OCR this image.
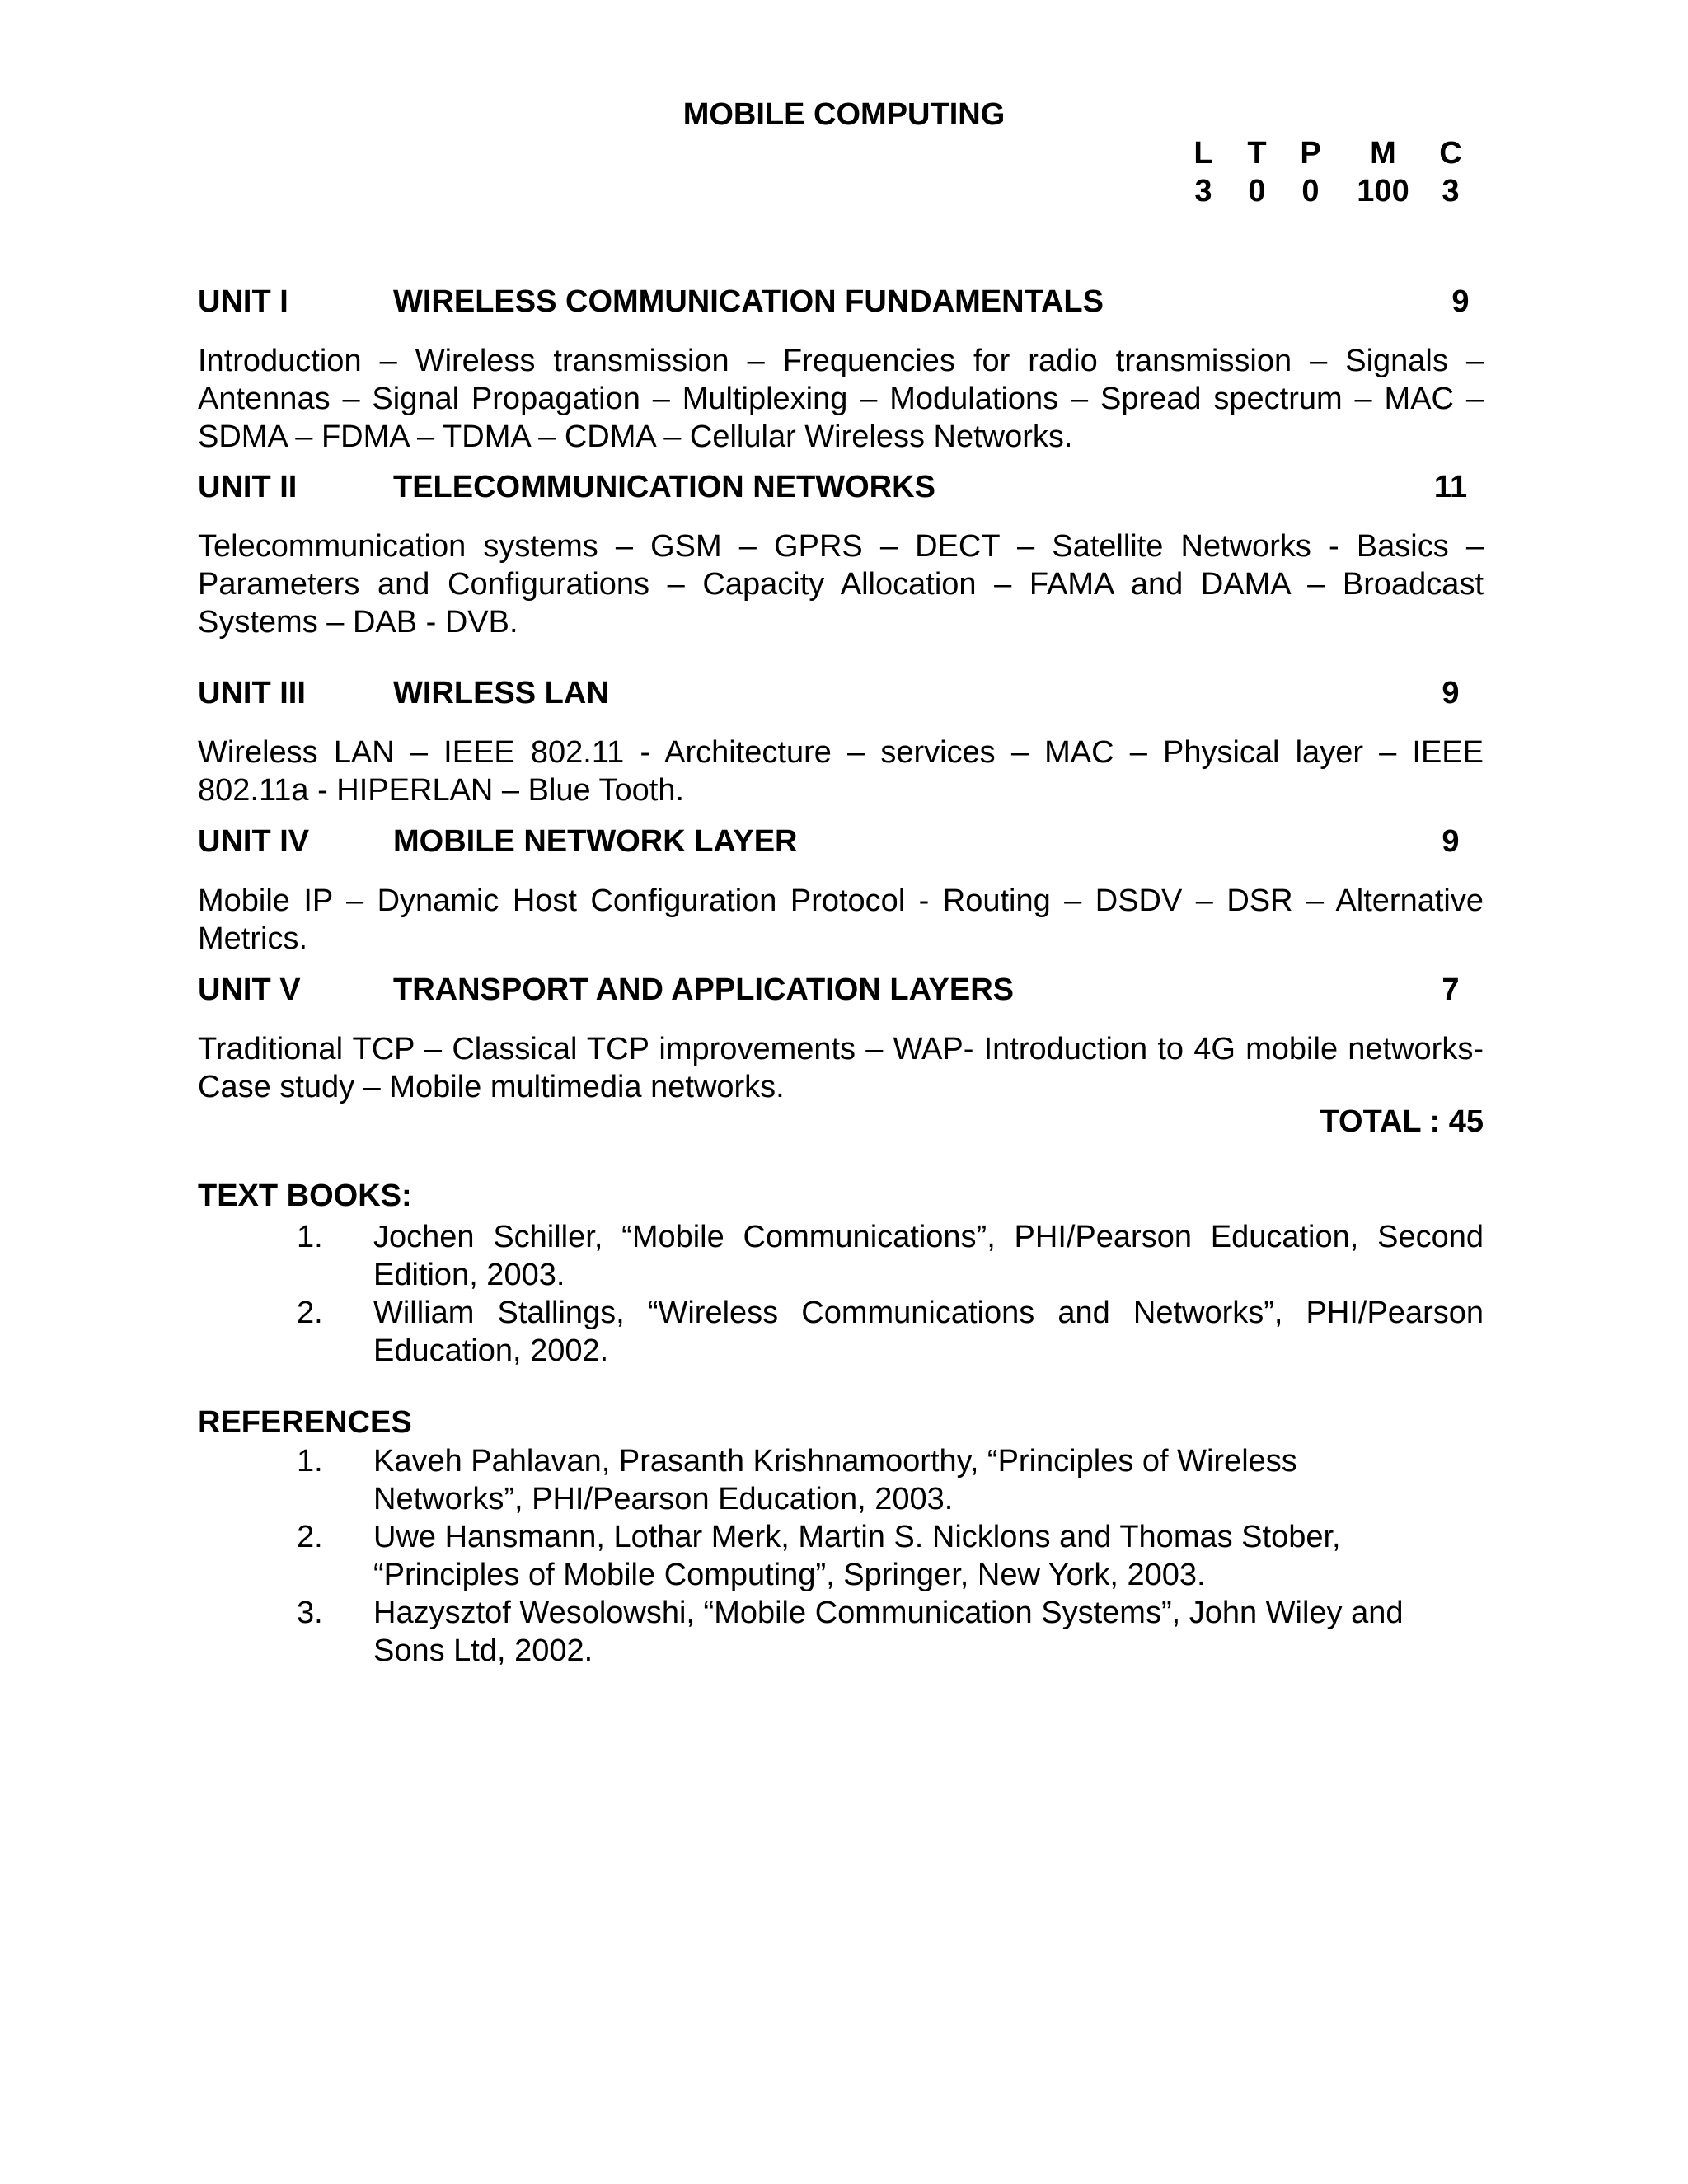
MOBILE COMPUTING
L	T	P	M	C
3	0	0	100	3
UNIT I	WIRELESS COMMUNICATION FUNDAMENTALS	9
Introduction – Wireless transmission – Frequencies for radio transmission – Signals – Antennas – Signal Propagation – Multiplexing – Modulations – Spread spectrum – MAC – SDMA – FDMA – TDMA – CDMA – Cellular Wireless Networks.
UNIT II	TELECOMMUNICATION NETWORKS	11
Telecommunication systems – GSM – GPRS – DECT – Satellite Networks - Basics – Parameters and Configurations – Capacity Allocation – FAMA and DAMA – Broadcast Systems – DAB - DVB.
UNIT III	WIRLESS LAN	9
Wireless LAN – IEEE 802.11 - Architecture – services – MAC – Physical layer – IEEE 802.11a - HIPERLAN – Blue Tooth.
UNIT IV	MOBILE NETWORK LAYER	9
Mobile IP – Dynamic Host Configuration Protocol - Routing – DSDV – DSR – Alternative Metrics.
UNIT V	TRANSPORT AND APPLICATION LAYERS	7
Traditional TCP – Classical TCP improvements – WAP- Introduction to 4G mobile networks- Case study – Mobile multimedia networks.
TOTAL : 45
TEXT BOOKS:
1.	Jochen Schiller, “Mobile Communications”, PHI/Pearson Education, Second Edition, 2003.
2.	William Stallings, “Wireless Communications and Networks”, PHI/Pearson Education, 2002.
REFERENCES
1.	Kaveh Pahlavan, Prasanth Krishnamoorthy, “Principles of Wireless Networks”, PHI/Pearson Education, 2003.
2.	Uwe Hansmann, Lothar Merk, Martin S. Nicklons and Thomas Stober, “Principles of Mobile Computing”, Springer, New York, 2003.
3.	Hazysztof Wesolowshi, “Mobile Communication Systems”, John Wiley and Sons Ltd, 2002.
